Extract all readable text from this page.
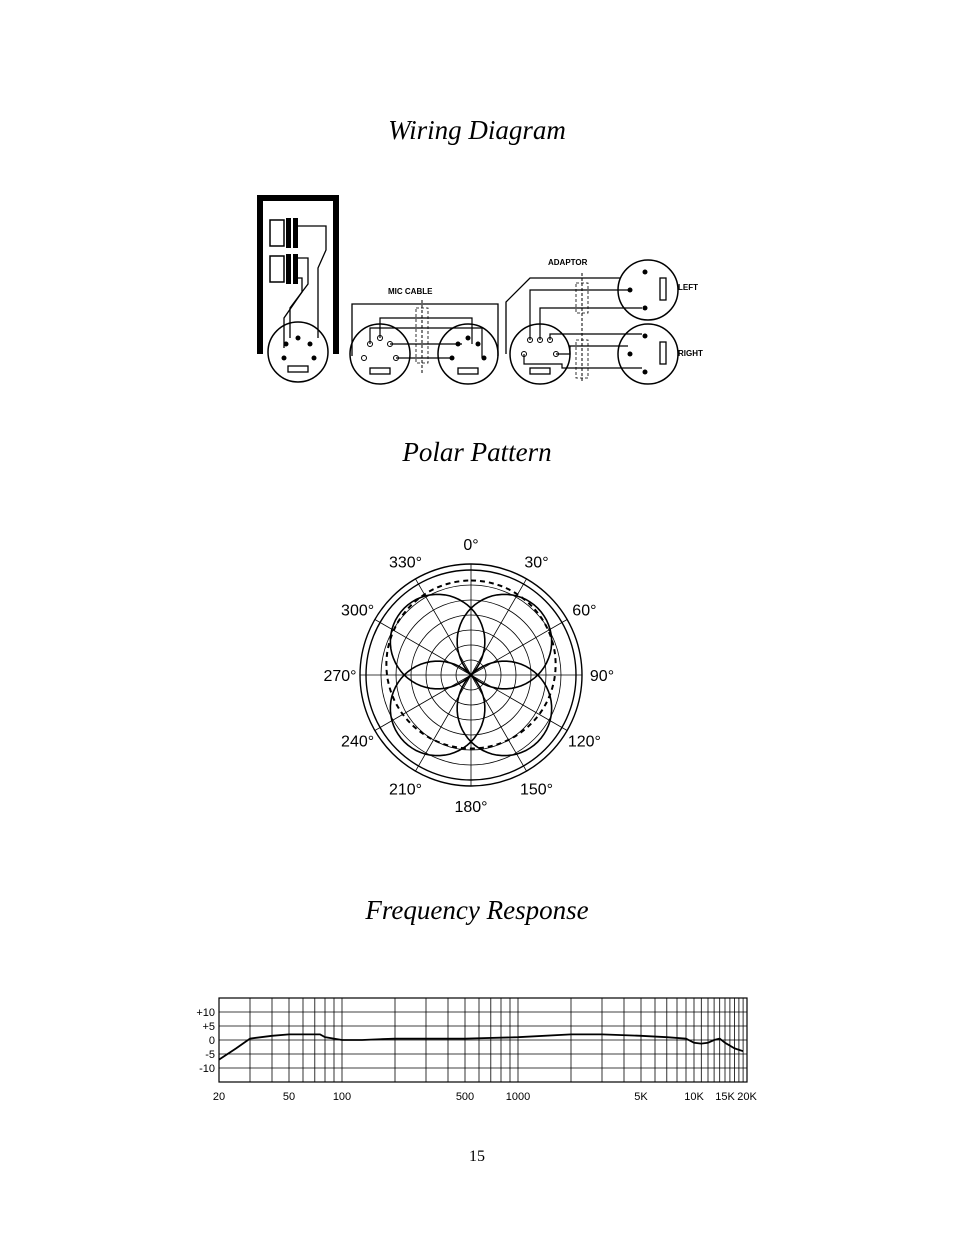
Wiring Diagram
MIC CABLE
ADAPTOR
LEFT
RIGHT
Polar Pattern
0°
30°
60°
90°
120°
150°
180°
210°
240°
270°
300°
330°
Frequency Response
+10
+5
0
-5
-10
20	50	100	500	1000	5K	10K 15K 20K
15
